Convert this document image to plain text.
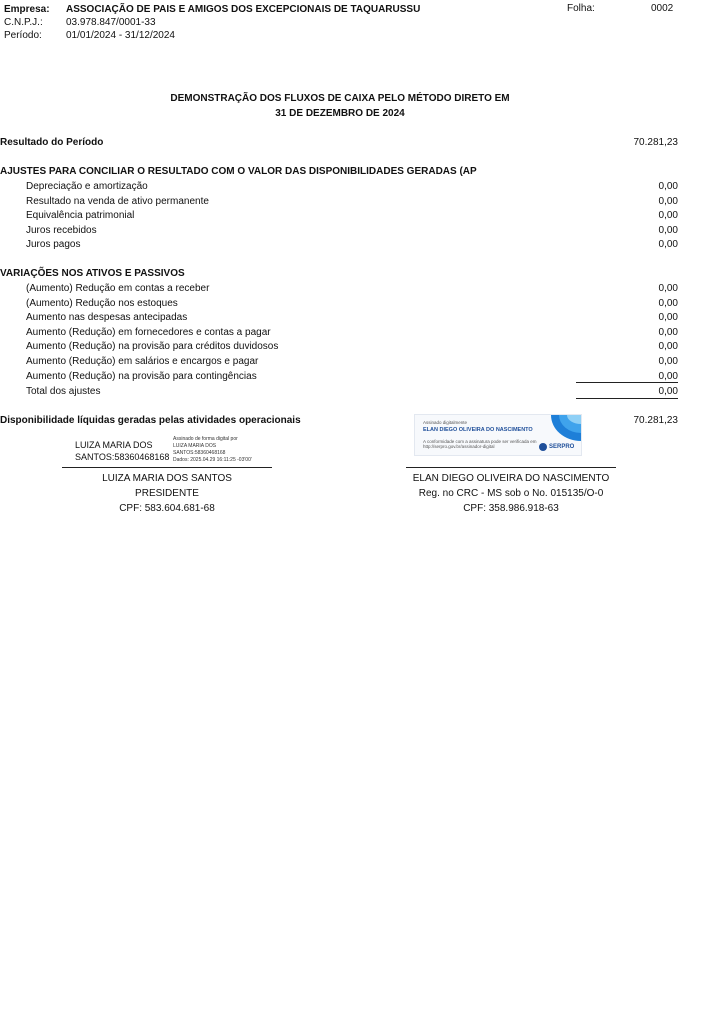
Empresa: ASSOCIAÇÃO DE PAIS E AMIGOS DOS EXCEPCIONAIS DE TAQUARUSSU
C.N.P.J.: 03.978.847/0001-33
Período: 01/01/2024 - 31/12/2024
Folha:	0002
DEMONSTRAÇÃO DOS FLUXOS DE CAIXA PELO MÉTODO DIRETO EM
31 DE DEZEMBRO DE 2024
Resultado do Período	70.281,23
AJUSTES PARA CONCILIAR O RESULTADO COM O VALOR DAS DISPONIBILIDADES GERADAS (AP
Depreciação e amortização	0,00
Resultado na venda de ativo permanente	0,00
Equivalência patrimonial	0,00
Juros recebidos	0,00
Juros pagos	0,00
VARIAÇÕES NOS ATIVOS E PASSIVOS
(Aumento) Redução em contas a receber	0,00
(Aumento) Redução nos estoques	0,00
Aumento nas despesas antecipadas	0,00
Aumento (Redução) em fornecedores e contas a pagar	0,00
Aumento (Redução) na provisão para créditos duvidosos	0,00
Aumento (Redução) em salários e encargos e pagar	0,00
Aumento (Redução) na provisão para contingências	0,00
Total dos ajustes	0,00
Disponibilidade líquidas geradas pelas atividades operacionais	70.281,23
LUIZA MARIA DOS
SANTOS:58360468168
Assinado de forma digital por
LUIZA MARIA DOS
SANTOS:58360468168
Dados: 2025.04.29 16:11:25 -03'00'
LUIZA MARIA DOS SANTOS
PRESIDENTE
CPF: 583.604.681-68
Assinado digitalmente
ELAN DIEGO OLIVEIRA DO NASCIMENTO
A conformidade com a assinatura pode ser verificada em http://serpro.gov.br/assinador-digital	SERPRO
ELAN DIEGO OLIVEIRA DO NASCIMENTO
Reg. no CRC - MS sob o No. 015135/O-0
CPF: 358.986.918-63
